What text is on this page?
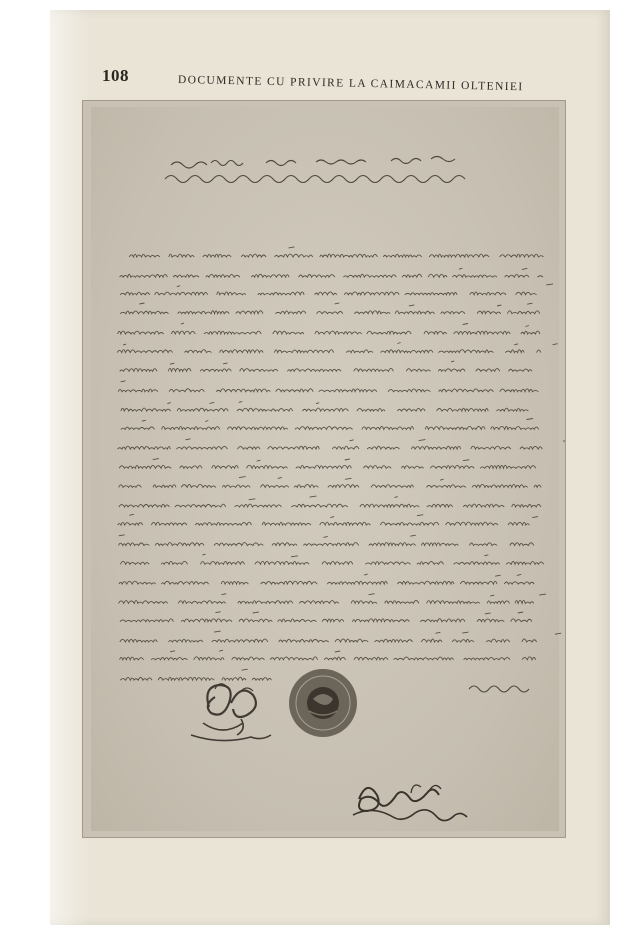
108	DOCUMENTE CU PRIVIRE LA CAIMACAMII OLTENIEI
